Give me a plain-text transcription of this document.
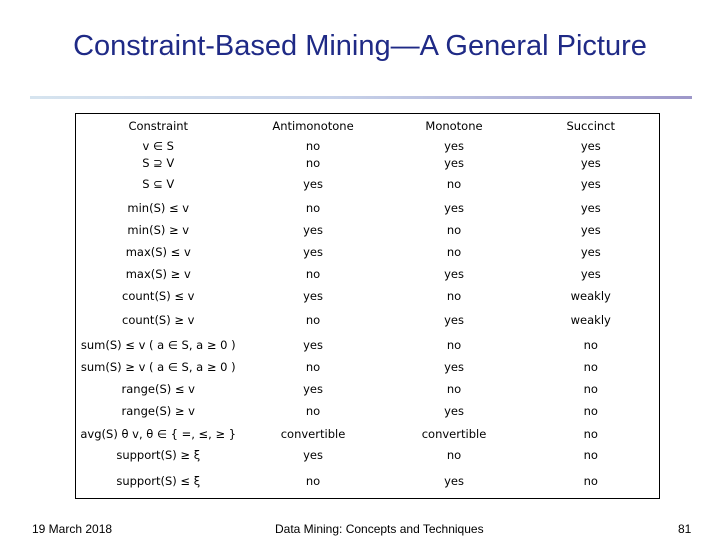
Constraint-Based Mining—A General Picture
Constraint	Antimonotone	Monotone	Succinct
v ∈ S	no	yes	yes
S ⊇ V	no	yes	yes
S ⊆ V	yes	no	yes
min(S) ≤ v	no	yes	yes
min(S) ≥ v	yes	no	yes
max(S) ≤ v	yes	no	yes
max(S) ≥ v	no	yes	yes
count(S) ≤ v	yes	no	weakly
count(S) ≥ v	no	yes	weakly
sum(S) ≤ v ( a ∈ S, a ≥ 0 )	yes	no	no
sum(S) ≥ v ( a ∈ S, a ≥ 0 )	no	yes	no
range(S) ≤ v	yes	no	no
range(S) ≥ v	no	yes	no
avg(S) θ v, θ ∈ { =, ≤, ≥ }	convertible	convertible	no
support(S) ≥ ξ	yes	no	no
support(S) ≤ ξ	no	yes	no
19 March 2018	Data Mining: Concepts and Techniques	81
